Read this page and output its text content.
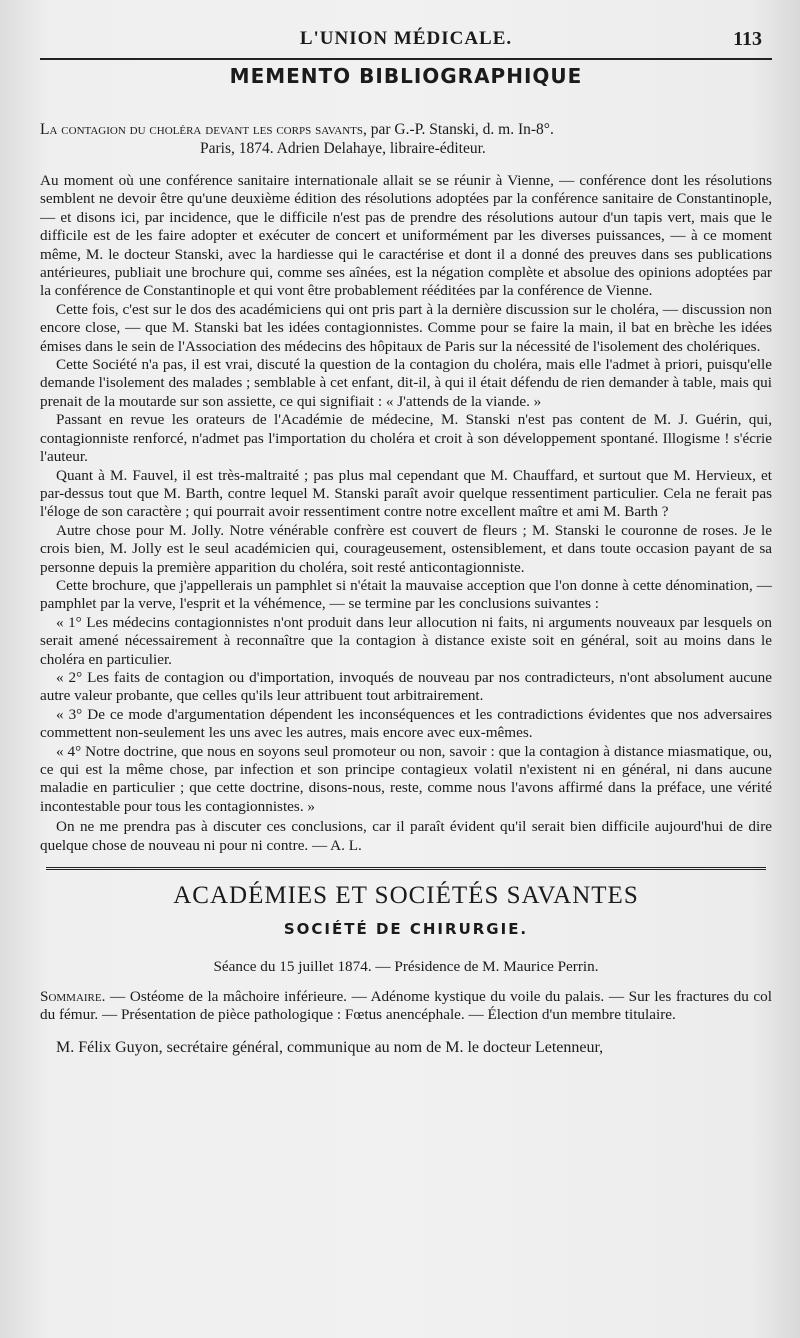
L'UNION MÉDICALE.	113
MEMENTO BIBLIOGRAPHIQUE
La contagion du choléra devant les corps savants, par G.-P. Stanski, d. m. In-8°.
Paris, 1874. Adrien Delahaye, libraire-éditeur.

Au moment où une conférence sanitaire internationale allait se se réunir à Vienne, — conférence dont les résolutions semblent ne devoir être qu'une deuxième édition des résolutions adoptées par la conférence sanitaire de Constantinople, — et disons ici, par incidence, que le difficile n'est pas de prendre des résolutions autour d'un tapis vert, mais que le difficile est de les faire adopter et exécuter de concert et uniformément par les diverses puissances, — à ce moment même, M. le docteur Stanski, avec la hardiesse qui le caractérise et dont il a donné des preuves dans ses publications antérieures, publiait une brochure qui, comme ses aînées, est la négation complète et absolue des opinions adoptées par la conférence de Constantinople et qui vont être probablement rééditées par la conférence de Vienne.

Cette fois, c'est sur le dos des académiciens qui ont pris part à la dernière discussion sur le choléra, — discussion non encore close, — que M. Stanski bat les idées contagionnistes. Comme pour se faire la main, il bat en brèche les idées émises dans le sein de l'Association des médecins des hôpitaux de Paris sur la nécessité de l'isolement des cholériques.

Cette Société n'a pas, il est vrai, discuté la question de la contagion du choléra, mais elle l'admet à priori, puisqu'elle demande l'isolement des malades ; semblable à cet enfant, dit-il, à qui il était défendu de rien demander à table, mais qui prenait de la moutarde sur son assiette, ce qui signifiait : « J'attends de la viande. »

Passant en revue les orateurs de l'Académie de médecine, M. Stanski n'est pas content de M. J. Guérin, qui, contagionniste renforcé, n'admet pas l'importation du choléra et croit à son développement spontané. Illogisme ! s'écrie l'auteur.

Quant à M. Fauvel, il est très-maltraité ; pas plus mal cependant que M. Chauffard, et surtout que M. Hervieux, et par-dessus tout que M. Barth, contre lequel M. Stanski paraît avoir quelque ressentiment particulier. Cela ne ferait pas l'éloge de son caractère ; qui pourrait avoir ressentiment contre notre excellent maître et ami M. Barth ?

Autre chose pour M. Jolly. Notre vénérable confrère est couvert de fleurs ; M. Stanski le couronne de roses. Je le crois bien, M. Jolly est le seul académicien qui, courageusement, ostensiblement, et dans toute occasion payant de sa personne depuis la première apparition du choléra, soit resté anticontagionniste.

Cette brochure, que j'appellerais un pamphlet si n'était la mauvaise acception que l'on donne à cette dénomination, — pamphlet par la verve, l'esprit et la véhémence, — se termine par les conclusions suivantes :

« 1° Les médecins contagionnistes n'ont produit dans leur allocution ni faits, ni arguments nouveaux par lesquels on serait amené nécessairement à reconnaître que la contagion à distance existe soit en général, soit au moins dans le choléra en particulier.

« 2° Les faits de contagion ou d'importation, invoqués de nouveau par nos contradicteurs, n'ont absolument aucune autre valeur probante, que celles qu'ils leur attribuent tout arbitrairement.

« 3° De ce mode d'argumentation dépendent les inconséquences et les contradictions évidentes que nos adversaires commettent non-seulement les uns avec les autres, mais encore avec eux-mêmes.

« 4° Notre doctrine, que nous en soyons seul promoteur ou non, savoir : que la contagion à distance miasmatique, ou, ce qui est la même chose, par infection et son principe contagieux volatil n'existent ni en général, ni dans aucune maladie en particulier ; que cette doctrine, disons-nous, reste, comme nous l'avons affirmé dans la préface, une vérité incontestable pour tous les contagionnistes. »

On ne me prendra pas à discuter ces conclusions, car il paraît évident qu'il serait bien difficile aujourd'hui de dire quelque chose de nouveau ni pour ni contre. — A. L.

ACADÉMIES ET SOCIÉTÉS SAVANTES
SOCIÉTÉ DE CHIRURGIE.
Séance du 15 juillet 1874. — Présidence de M. Maurice Perrin.
Sommaire. — Ostéome de la mâchoire inférieure. — Adénome kystique du voile du palais. — Sur les fractures du col du fémur. — Présentation de pièce pathologique : Fœtus anencéphale. — Élection d'un membre titulaire.

M. Félix Guyon, secrétaire général, communique au nom de M. le docteur Letenneur,
